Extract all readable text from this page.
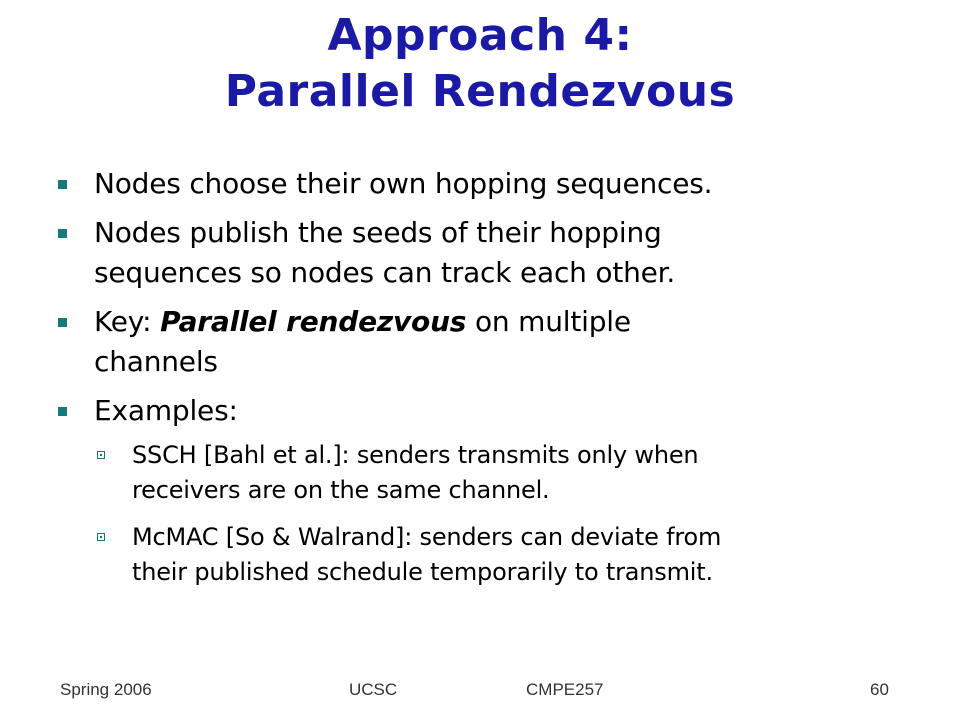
Approach 4:
Parallel Rendezvous
Nodes choose their own hopping sequences.
Nodes publish the seeds of their hopping
sequences so nodes can track each other.
Key: Parallel rendezvous on multiple
channels
Examples:
SSCH [Bahl et al.]: senders transmits only when
receivers are on the same channel.
McMAC [So & Walrand]: senders can deviate from
their published schedule temporarily to transmit.
Spring 2006	UCSC	CMPE257	60
